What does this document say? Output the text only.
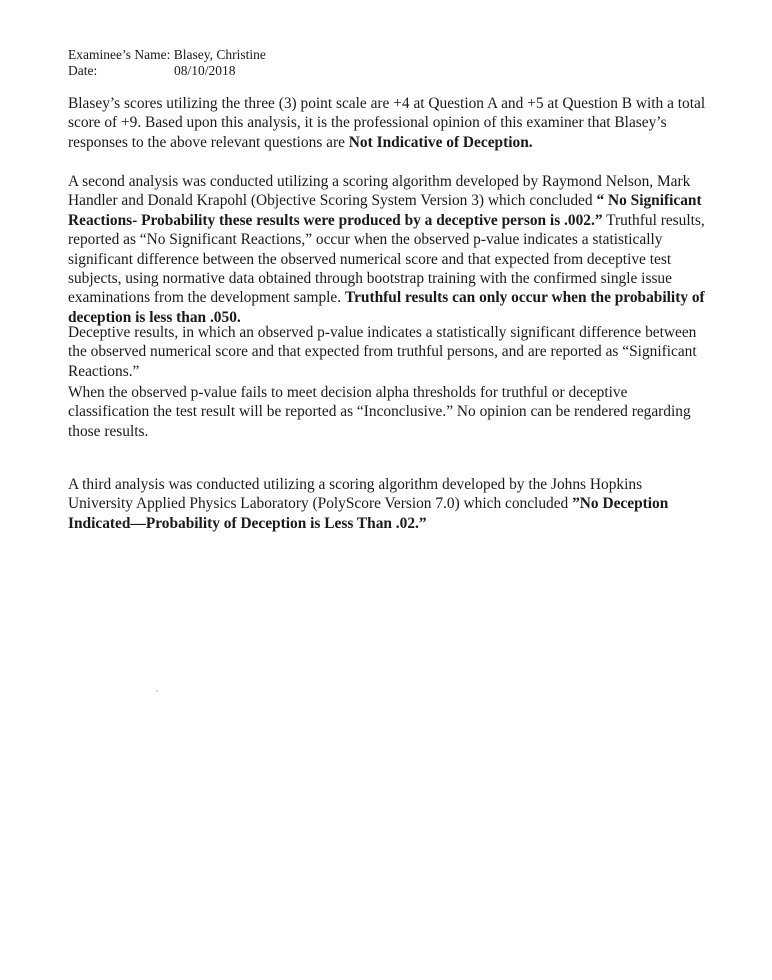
Examinee’s Name: Blasey, Christine
Date:	08/10/2018

Blasey’s scores utilizing the three (3) point scale are +4 at Question A and +5 at Question B with a total score of +9. Based upon this analysis, it is the professional opinion of this examiner that Blasey’s responses to the above relevant questions are Not Indicative of Deception.

A second analysis was conducted utilizing a scoring algorithm developed by Raymond Nelson, Mark Handler and Donald Krapohl (Objective Scoring System Version 3) which concluded “ No Significant Reactions- Probability these results were produced by a deceptive person is .002.” Truthful results, reported as “No Significant Reactions,” occur when the observed p-value indicates a statistically significant difference between the observed numerical score and that expected from deceptive test subjects, using normative data obtained through bootstrap training with the confirmed single issue examinations from the development sample. Truthful results can only occur when the probability of deception is less than .050.

Deceptive results, in which an observed p-value indicates a statistically significant difference between the observed numerical score and that expected from truthful persons, and are reported as “Significant Reactions.”

When the observed p-value fails to meet decision alpha thresholds for truthful or deceptive classification the test result will be reported as “Inconclusive.” No opinion can be rendered regarding those results.

A third analysis was conducted utilizing a scoring algorithm developed by the Johns Hopkins University Applied Physics Laboratory (PolyScore Version 7.0) which concluded ”No Deception Indicated—Probability of Deception is Less Than .02.”
